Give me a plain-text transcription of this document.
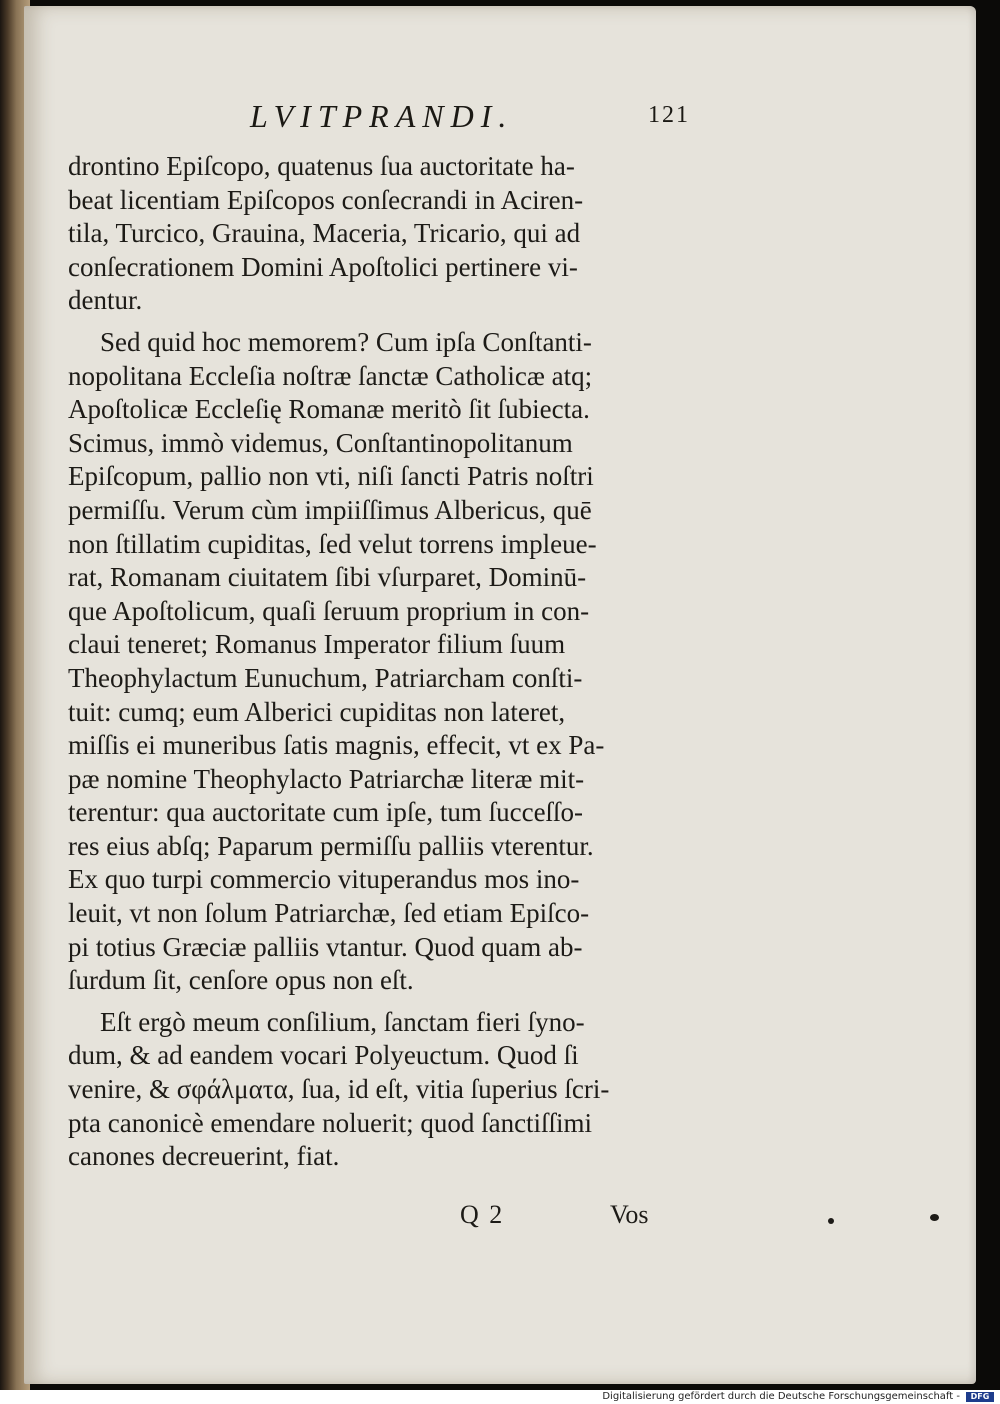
LVITPRANDI.	121
drontino Epiſcopo, quatenus ſua auctoritate ha-
beat licentiam Epiſcopos conſecrandi in Aciren-
tila, Turcico, Grauina, Maceria, Tricario, qui ad
conſecrationem Domini Apoſtolici pertinere vi-
dentur.
Sed quid hoc memorem? Cum ipſa Conſtanti-
nopolitana Eccleſia noſtræ ſanctæ Catholicæ atq;
Apoſtolicæ Eccleſię Romanæ meritò ſit ſubiecta.
Scimus, immò videmus, Conſtantinopolitanum
Epiſcopum, pallio non vti, niſi ſancti Patris noſtri
permiſſu. Verum cùm impiiſſimus Albericus, quē
non ſtillatim cupiditas, ſed velut torrens impleue-
rat, Romanam ciuitatem ſibi vſurparet, Dominū-
que Apoſtolicum, quaſi ſeruum proprium in con-
claui teneret; Romanus Imperator filium ſuum
Theophylactum Eunuchum, Patriarcham conſti-
tuit: cumq; eum Alberici cupiditas non lateret,
miſſis ei muneribus ſatis magnis, effecit, vt ex Pa-
pæ nomine Theophylacto Patriarchæ literæ mit-
terentur: qua auctoritate cum ipſe, tum ſucceſſo-
res eius abſq; Paparum permiſſu palliis vterentur.
Ex quo turpi commercio vituperandus mos ino-
leuit, vt non ſolum Patriarchæ, ſed etiam Epiſco-
pi totius Græciæ palliis vtantur. Quod quam ab-
ſurdum ſit, cenſore opus non eſt.
Eſt ergò meum conſilium, ſanctam fieri ſyno-
dum, & ad eandem vocari Polyeuctum. Quod ſi
venire, & σφάλματα, ſua, id eſt, vitia ſuperius ſcri-
pta canonicè emendare noluerit; quod ſanctiſſimi
canones decreuerint, fiat.
Q 2	Vos
Digitalisierung gefördert durch die Deutsche Forschungsgemeinschaft -	DFG
